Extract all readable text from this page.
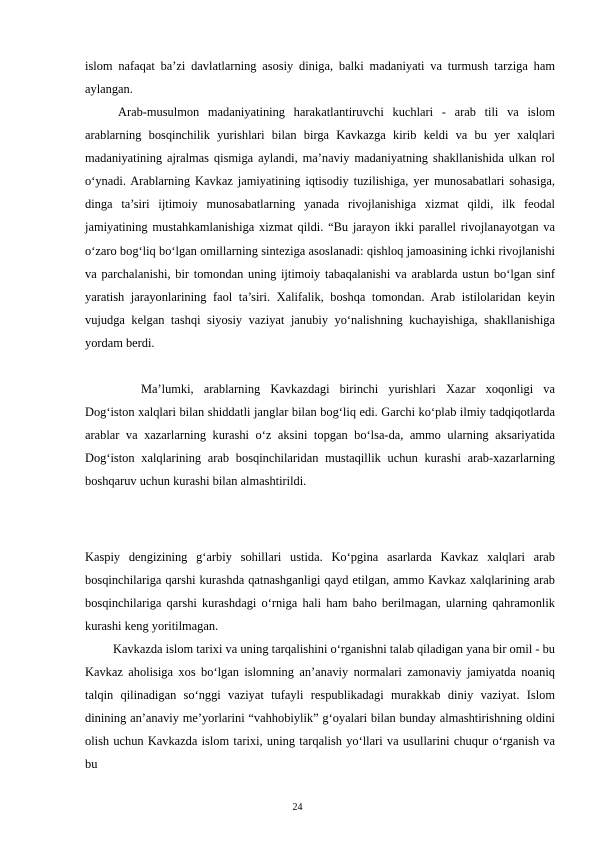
islom nafaqat ba’zi davlatlarning asosiy diniga, balki madaniyati va turmush tarziga ham aylangan.

Arab-musulmon madaniyatining harakatlantiruvchi kuchlari - arab tili va islom arablarning bosqinchilik yurishlari bilan birga Kavkazga kirib keldi va bu yer xalqlari madaniyatining ajralmas qismiga aylandi, ma’naviy madaniyatning shakllanishida ulkan rol o‘ynadi. Arablarning Kavkaz jamiyatining iqtisodiy tuzilishiga, yer munosabatlari sohasiga, dinga ta’siri ijtimoiy munosabatlarning yanada rivojlanishiga xizmat qildi, ilk feodal jamiyatining mustahkamlanishiga xizmat qildi. “Bu jarayon ikki parallel rivojlanayotgan va o‘zaro bog‘liq bo‘lgan omillarning sinteziga asoslanadi: qishloq jamoasining ichki rivojlanishi va parchalanishi, bir tomondan uning ijtimoiy tabaqalanishi va arablarda ustun bo‘lgan sinf yaratish jarayonlarining faol ta’siri. Xalifalik, boshqa tomondan. Arab istilolaridan keyin vujudga kelgan tashqi siyosiy vaziyat janubiy yo‘nalishning kuchayishiga, shakllanishiga yordam berdi.

Ma’lumki, arablarning Kavkazdagi birinchi yurishlari Xazar xoqonligi va Dog‘iston xalqlari bilan shiddatli janglar bilan bog‘liq edi. Garchi ko‘plab ilmiy tadqiqotlarda arablar va xazarlarning kurashi o‘z aksini topgan bo‘lsa-da, ammo ularning aksariyatida Dog‘iston xalqlarining arab bosqinchilaridan mustaqillik uchun kurashi arab-xazarlarning boshqaruv uchun kurashi bilan almashtirildi.

Kaspiy dengizining g‘arbiy sohillari ustida. Ko‘pgina asarlarda Kavkaz xalqlari arab bosqinchilariga qarshi kurashda qatnashganligi qayd etilgan, ammo Kavkaz xalqlarining arab bosqinchilariga qarshi kurashdagi o‘rniga hali ham baho berilmagan, ularning qahramonlik kurashi keng yoritilmagan.

Kavkazda islom tarixi va uning tarqalishini o‘rganishni talab qiladigan yana bir omil - bu Kavkaz aholisiga xos bo‘lgan islomning an’anaviy normalari zamonaviy jamiyatda noaniq talqin qilinadigan so‘nggi vaziyat tufayli respublikadagi murakkab diniy vaziyat. Islom dinining an’anaviy me’yorlarini “vahhobiylik” g‘oyalari bilan bunday almashtirishning oldini olish uchun Kavkazda islom tarixi, uning tarqalish yo‘llari va usullarini chuqur o‘rganish va bu

24
